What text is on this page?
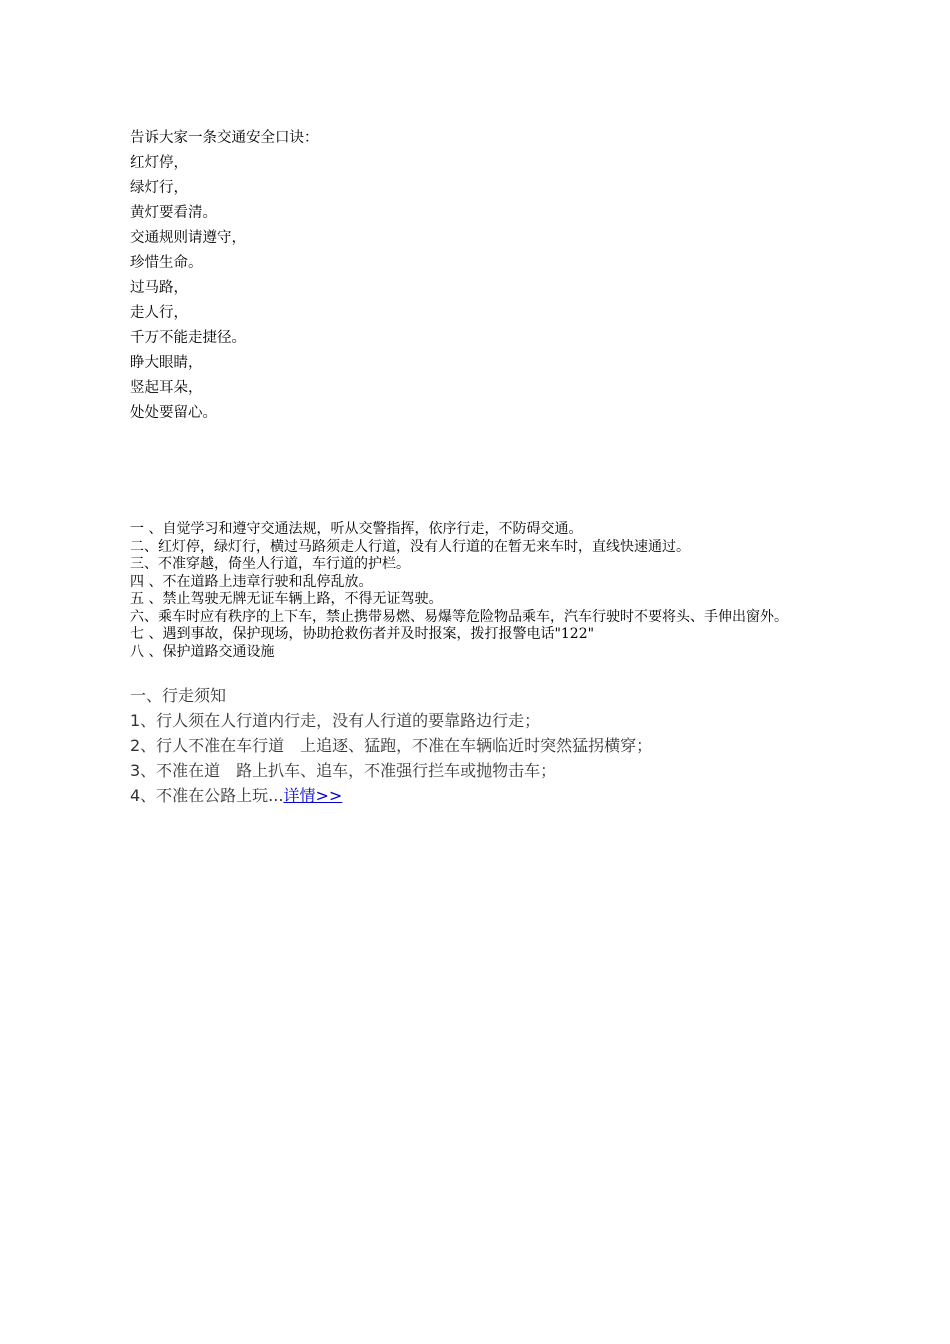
告诉大家一条交通安全口诀：
红灯停，
绿灯行，
黄灯要看清。
交通规则请遵守，
珍惜生命。
过马路，
走人行，
千万不能走捷径。
睁大眼睛，
竖起耳朵，
处处要留心。
一 、自觉学习和遵守交通法规，听从交警指挥，依序行走，不防碍交通。
二、红灯停，绿灯行，横过马路须走人行道，没有人行道的在暂无来车时，直线快速通过。
三、不准穿越，倚坐人行道，车行道的护栏。
四 、不在道路上违章行驶和乱停乱放。
五 、禁止驾驶无牌无证车辆上路，不得无证驾驶。
六、乘车时应有秩序的上下车，禁止携带易燃、易爆等危险物品乘车，汽车行驶时不要将头、手伸出窗外。
七 、遇到事故，保护现场，协助抢救伤者并及时报案，拨打报警电话"122"
八 、保护道路交通设施
一、行走须知
1、行人须在人行道内行走，没有人行道的要靠路边行走；
2、行人不准在车行道　上追逐、猛跑，不准在车辆临近时突然猛拐横穿；
3、不准在道　路上扒车、追车，不准强行拦车或抛物击车；
4、不准在公路上玩...详情>>
